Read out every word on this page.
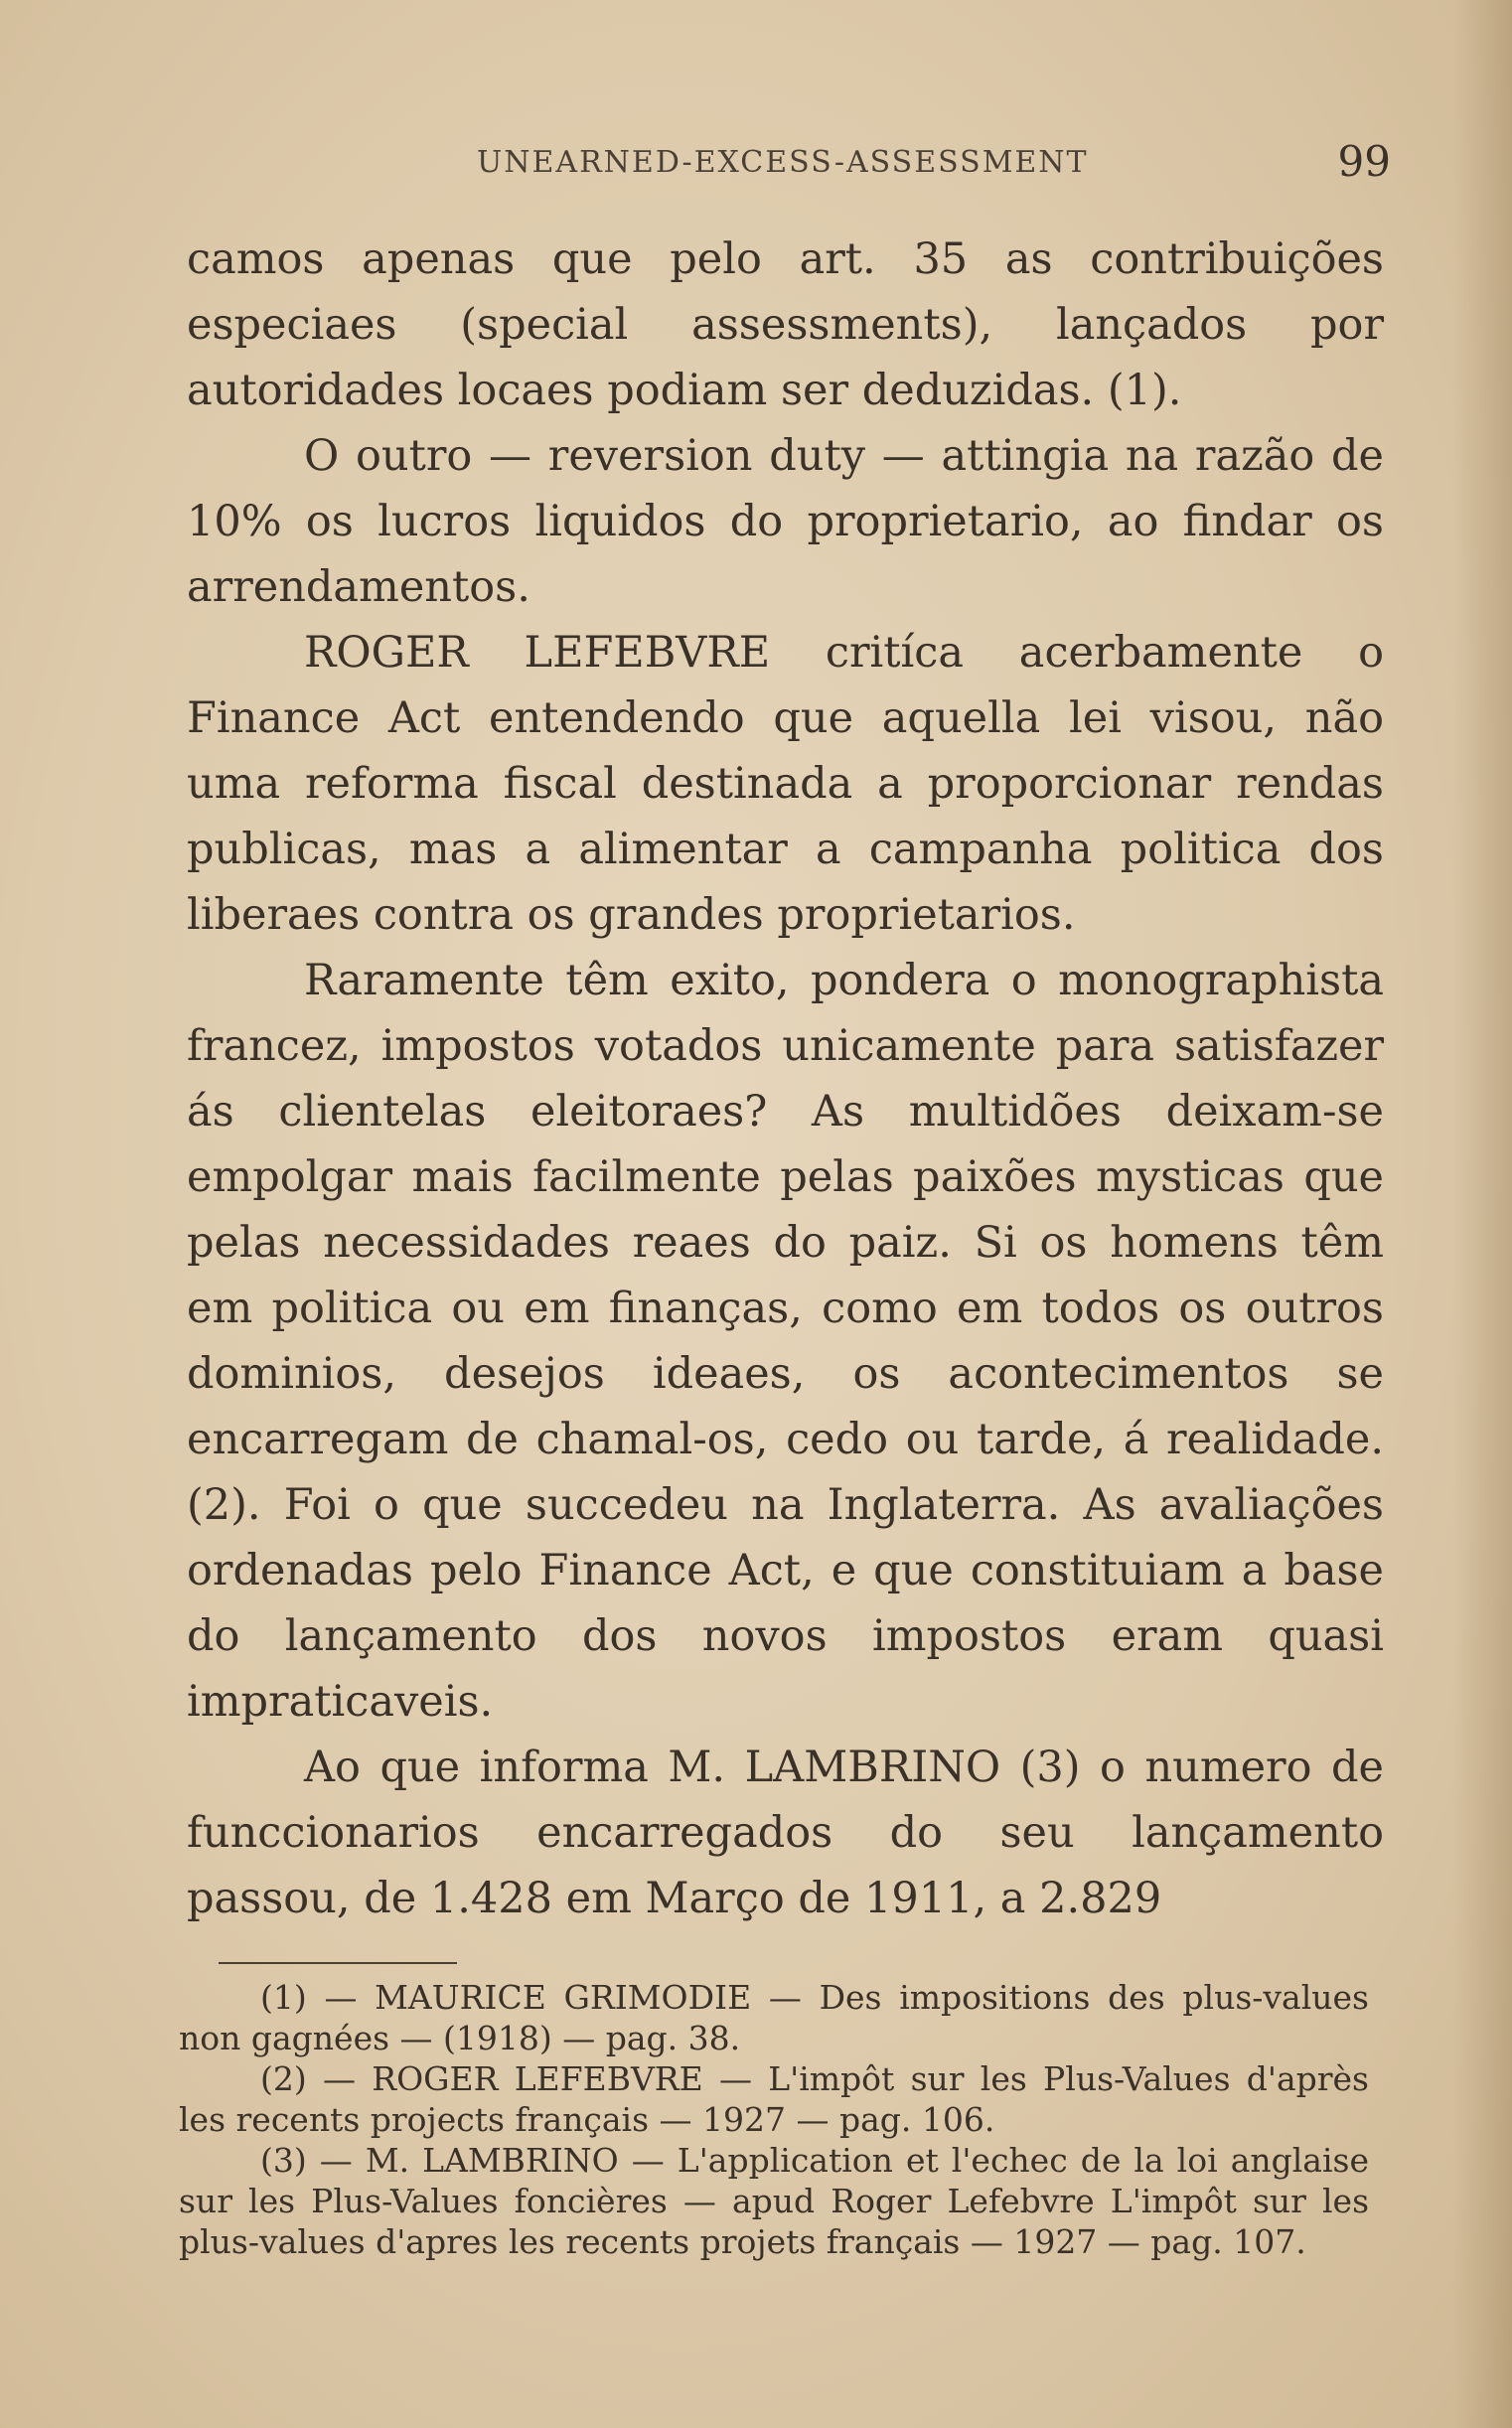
UNEARNED-EXCESS-ASSESSMENT	99

camos apenas que pelo art. 35 as contribuições especiaes (special assessments), lançados por autoridades locaes podiam ser deduzidas. (1).

O outro — reversion duty — attingia na razão de 10% os lucros liquidos do proprietario, ao findar os arrendamentos.

ROGER LEFEBVRE critíca acerbamente o Finance Act entendendo que aquella lei visou, não uma reforma fiscal destinada a proporcionar rendas publicas, mas a alimentar a campanha politica dos liberaes contra os grandes proprietarios.

Raramente têm exito, pondera o monographista francez, impostos votados unicamente para satisfazer ás clientelas eleitoraes? As multidões deixam-se empolgar mais facilmente pelas paixões mysticas que pelas necessidades reaes do paiz. Si os homens têm em politica ou em finanças, como em todos os outros dominios, desejos ideaes, os acontecimentos se encarregam de chamal-os, cedo ou tarde, á realidade. (2). Foi o que succedeu na Inglaterra. As avaliações ordenadas pelo Finance Act, e que constituiam a base do lançamento dos novos impostos eram quasi impraticaveis.

Ao que informa M. LAMBRINO (3) o numero de funccionarios encarregados do seu lançamento passou, de 1.428 em Março de 1911, a 2.829

(1) — MAURICE GRIMODIE — Des impositions des plus-values non gagnées — (1918) — pag. 38.

(2) — ROGER LEFEBVRE — L'impôt sur les Plus-Values d'après les recents projects français — 1927 — pag. 106.

(3) — M. LAMBRINO — L'application et l'echec de la loi anglaise sur les Plus-Values foncières — apud Roger Lefebvre L'impôt sur les plus-values d'apres les recents projets français — 1927 — pag. 107.
